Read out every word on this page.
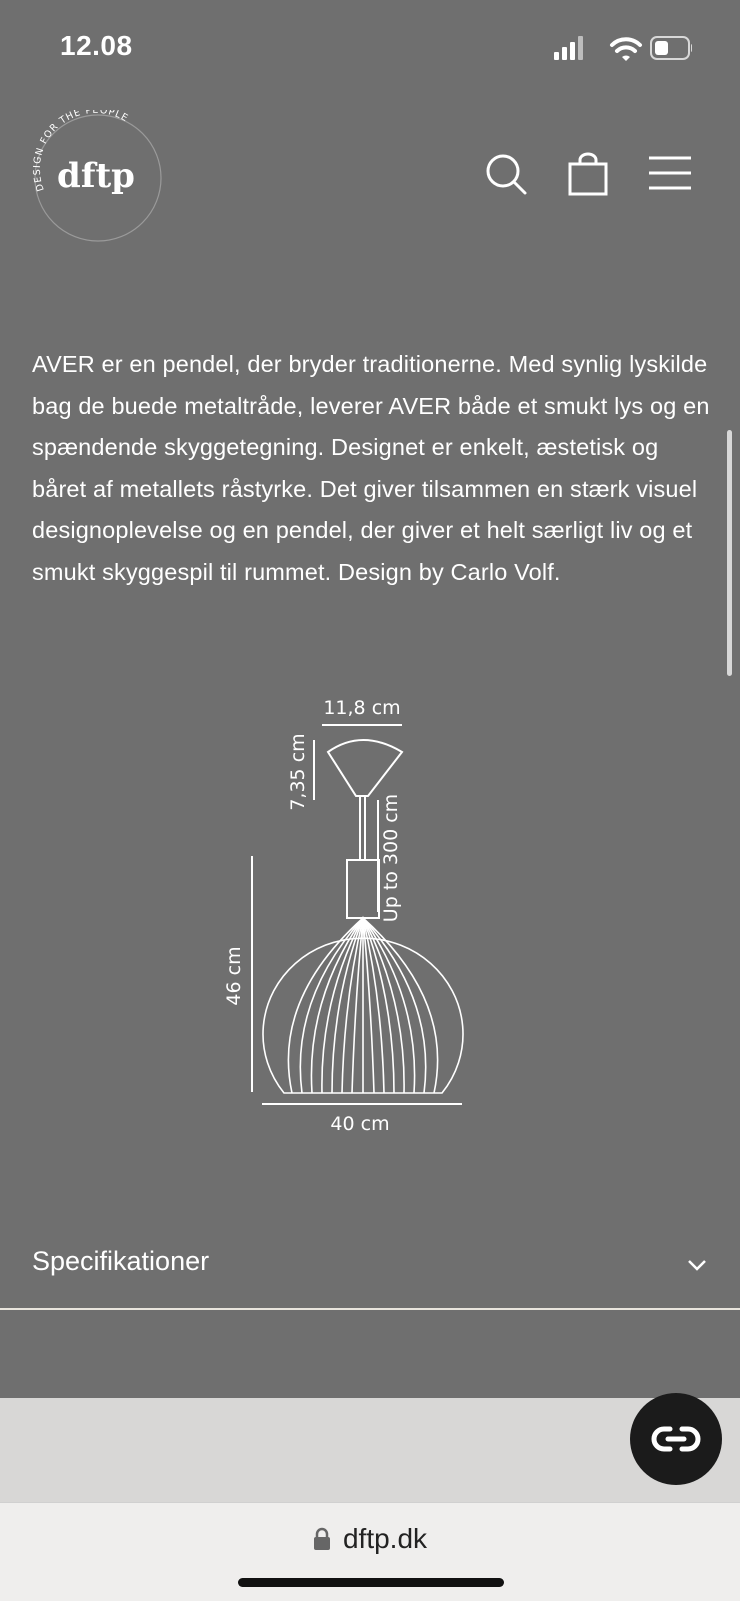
12.08
DESIGN FOR THE PEOPLE
dftp

AVER er en pendel, der bryder traditionerne. Med synlig lyskilde bag de buede metaltråde, leverer AVER både et smukt lys og en spændende skyggetegning. Designet er enkelt, æstetisk og båret af metallets råstyrke. Det giver tilsammen en stærk visuel designoplevelse og en pendel, der giver et helt særligt liv og et smukt skyggespil til rummet. Design by Carlo Volf.

11,8 cm
7,35 cm
Up to 300 cm
46 cm
40 cm
Specifikationer
dftp.dk
